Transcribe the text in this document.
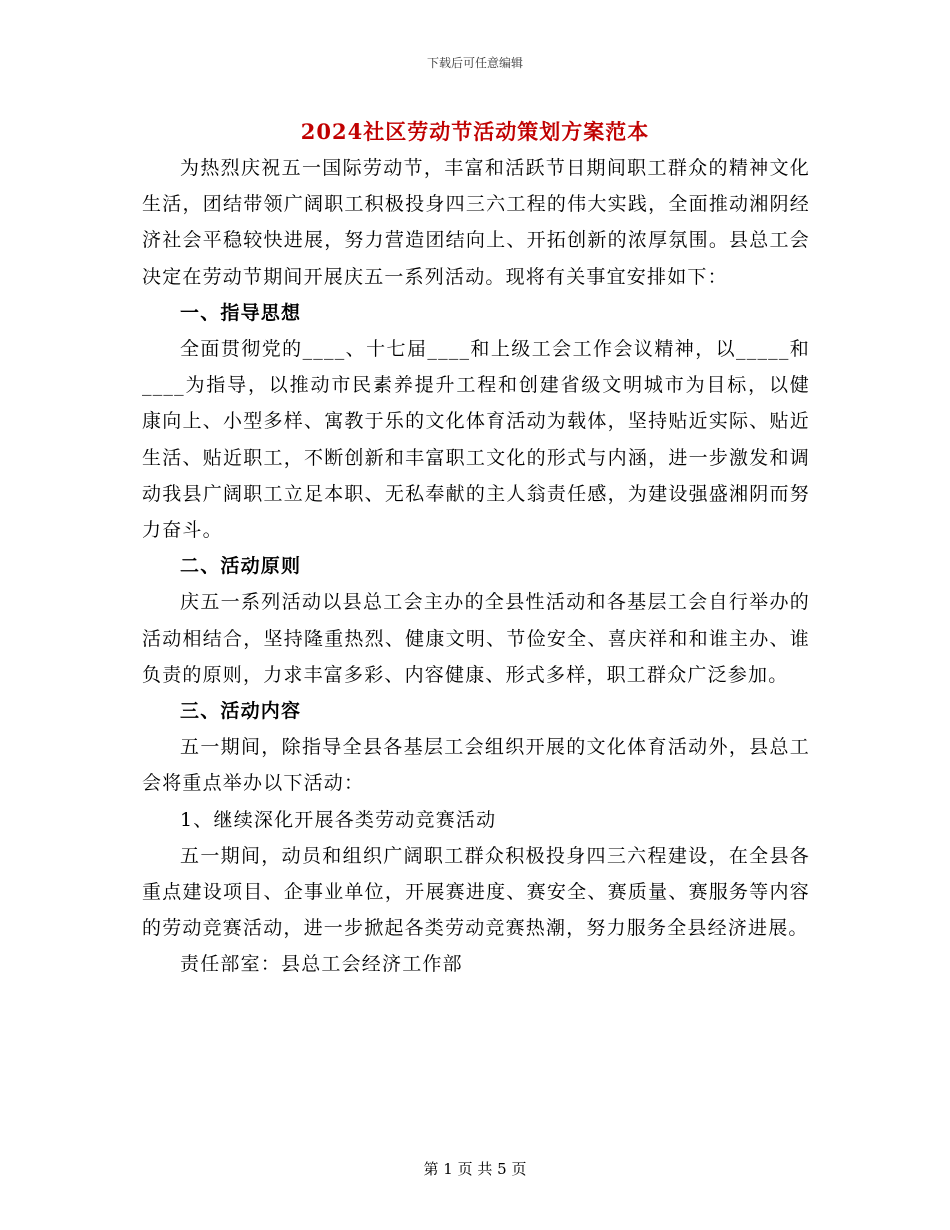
下载后可任意编辑
2024社区劳动节活动策划方案范本

为热烈庆祝五一国际劳动节，丰富和活跃节日期间职工群众的精神文化生活，团结带领广阔职工积极投身四三六工程的伟大实践，全面推动湘阴经济社会平稳较快进展，努力营造团结向上、开拓创新的浓厚氛围。县总工会决定在劳动节期间开展庆五一系列活动。现将有关事宜安排如下：

一、指导思想

全面贯彻党的____、十七届____和上级工会工作会议精神，以_____和____为指导，以推动市民素养提升工程和创建省级文明城市为目标，以健康向上、小型多样、寓教于乐的文化体育活动为载体，坚持贴近实际、贴近生活、贴近职工，不断创新和丰富职工文化的形式与内涵，进一步激发和调动我县广阔职工立足本职、无私奉献的主人翁责任感，为建设强盛湘阴而努力奋斗。

二、活动原则

庆五一系列活动以县总工会主办的全县性活动和各基层工会自行举办的活动相结合，坚持隆重热烈、健康文明、节俭安全、喜庆祥和和谁主办、谁负责的原则，力求丰富多彩、内容健康、形式多样，职工群众广泛参加。

三、活动内容

五一期间，除指导全县各基层工会组织开展的文化体育活动外，县总工会将重点举办以下活动：

1、继续深化开展各类劳动竞赛活动

五一期间，动员和组织广阔职工群众积极投身四三六程建设，在全县各重点建设项目、企事业单位，开展赛进度、赛安全、赛质量、赛服务等内容的劳动竞赛活动，进一步掀起各类劳动竞赛热潮，努力服务全县经济进展。

责任部室：县总工会经济工作部

第 1 页 共 5 页
